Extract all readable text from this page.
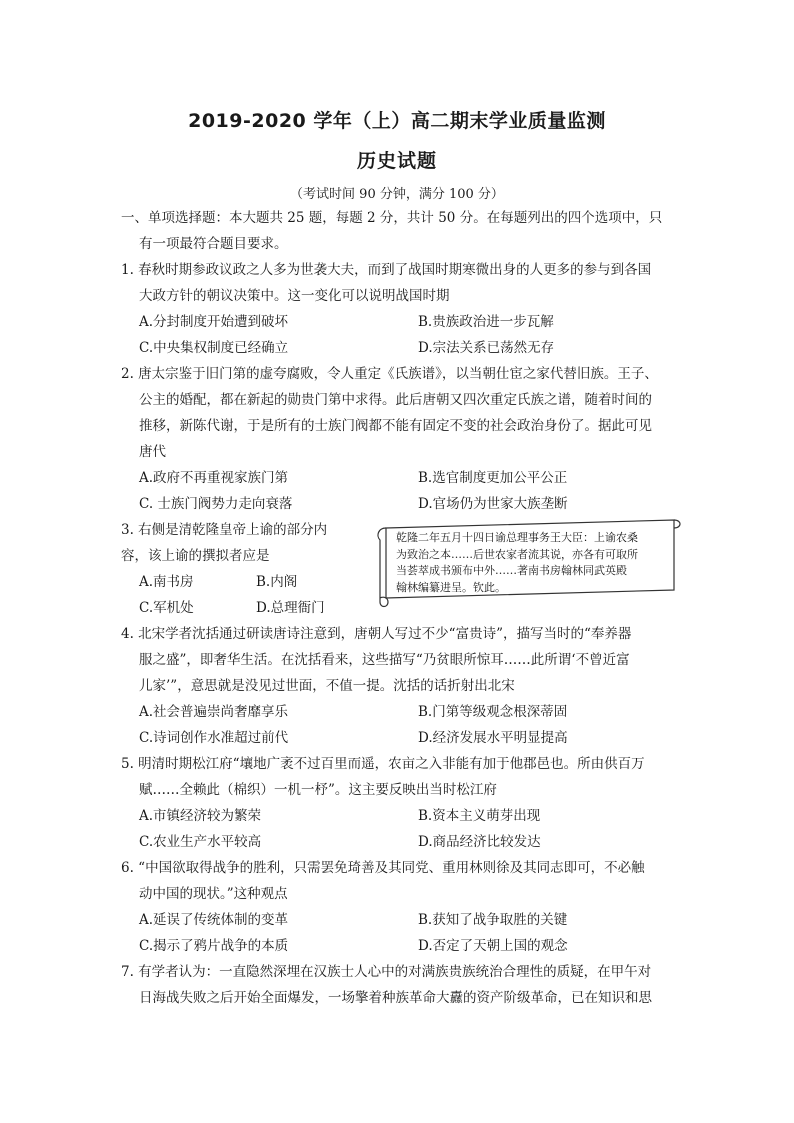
2019-2020 学年（上）高二期末学业质量监测
历史试题
（考试时间 90 分钟，满分 100 分）
一、单项选择题：本大题共 25 题，每题 2 分，共计 50 分。在每题列出的四个选项中，只
有一项最符合题目要求。
1. 春秋时期参政议政之人多为世袭大夫，而到了战国时期寒微出身的人更多的参与到各国
大政方针的朝议决策中。这一变化可以说明战国时期
A.分封制度开始遭到破坏	B.贵族政治进一步瓦解
C.中央集权制度已经确立	D.宗法关系已荡然无存
2. 唐太宗鉴于旧门第的虚夸腐败，令人重定《氏族谱》，以当朝仕宦之家代替旧族。王子、
公主的婚配，都在新起的勋贵门第中求得。此后唐朝又四次重定氏族之谱，随着时间的
推移，新陈代谢，于是所有的士族门阀都不能有固定不变的社会政治身份了。据此可见
唐代
A.政府不再重视家族门第	B.选官制度更加公平公正
C. 士族门阀势力走向衰落	D.官场仍为世家大族垄断
3. 右侧是清乾隆皇帝上谕的部分内
容，该上谕的撰拟者应是
A.南书房	B.内阁
C.军机处	D.总理衙门
乾隆二年五月十四日谕总理事务王大臣：上谕农桑
为致治之本……后世农家者流其说，亦各有可取所
当荟萃成书颁布中外……著南书房翰林同武英殿
翰林编纂进呈。钦此。
4. 北宋学者沈括通过研读唐诗注意到，唐朝人写过不少“富贵诗”，描写当时的“奉养器
服之盛”，即奢华生活。在沈括看来，这些描写“乃贫眼所惊耳……此所谓‘不曾近富
儿家’”，意思就是没见过世面，不值一提。沈括的话折射出北宋
A.社会普遍崇尚奢靡享乐	B.门第等级观念根深蒂固
C.诗词创作水准超过前代	D.经济发展水平明显提高
5. 明清时期松江府“壤地广袤不过百里而遥，农亩之入非能有加于他郡邑也。所由供百万
赋……全赖此（棉织）一机一杼”。这主要反映出当时松江府
A.市镇经济较为繁荣	B.资本主义萌芽出现
C.农业生产水平较高	D.商品经济比较发达
6. “中国欲取得战争的胜利，只需罢免琦善及其同党、重用林则徐及其同志即可，不必触
动中国的现状。”这种观点
A.延误了传统体制的变革	B.获知了战争取胜的关键
C.揭示了鸦片战争的本质	D.否定了天朝上国的观念
7. 有学者认为：一直隐然深埋在汉族士人心中的对满族贵族统治合理性的质疑，在甲午对
日海战失败之后开始全面爆发，一场擎着种族革命大纛的资产阶级革命，已在知识和思
